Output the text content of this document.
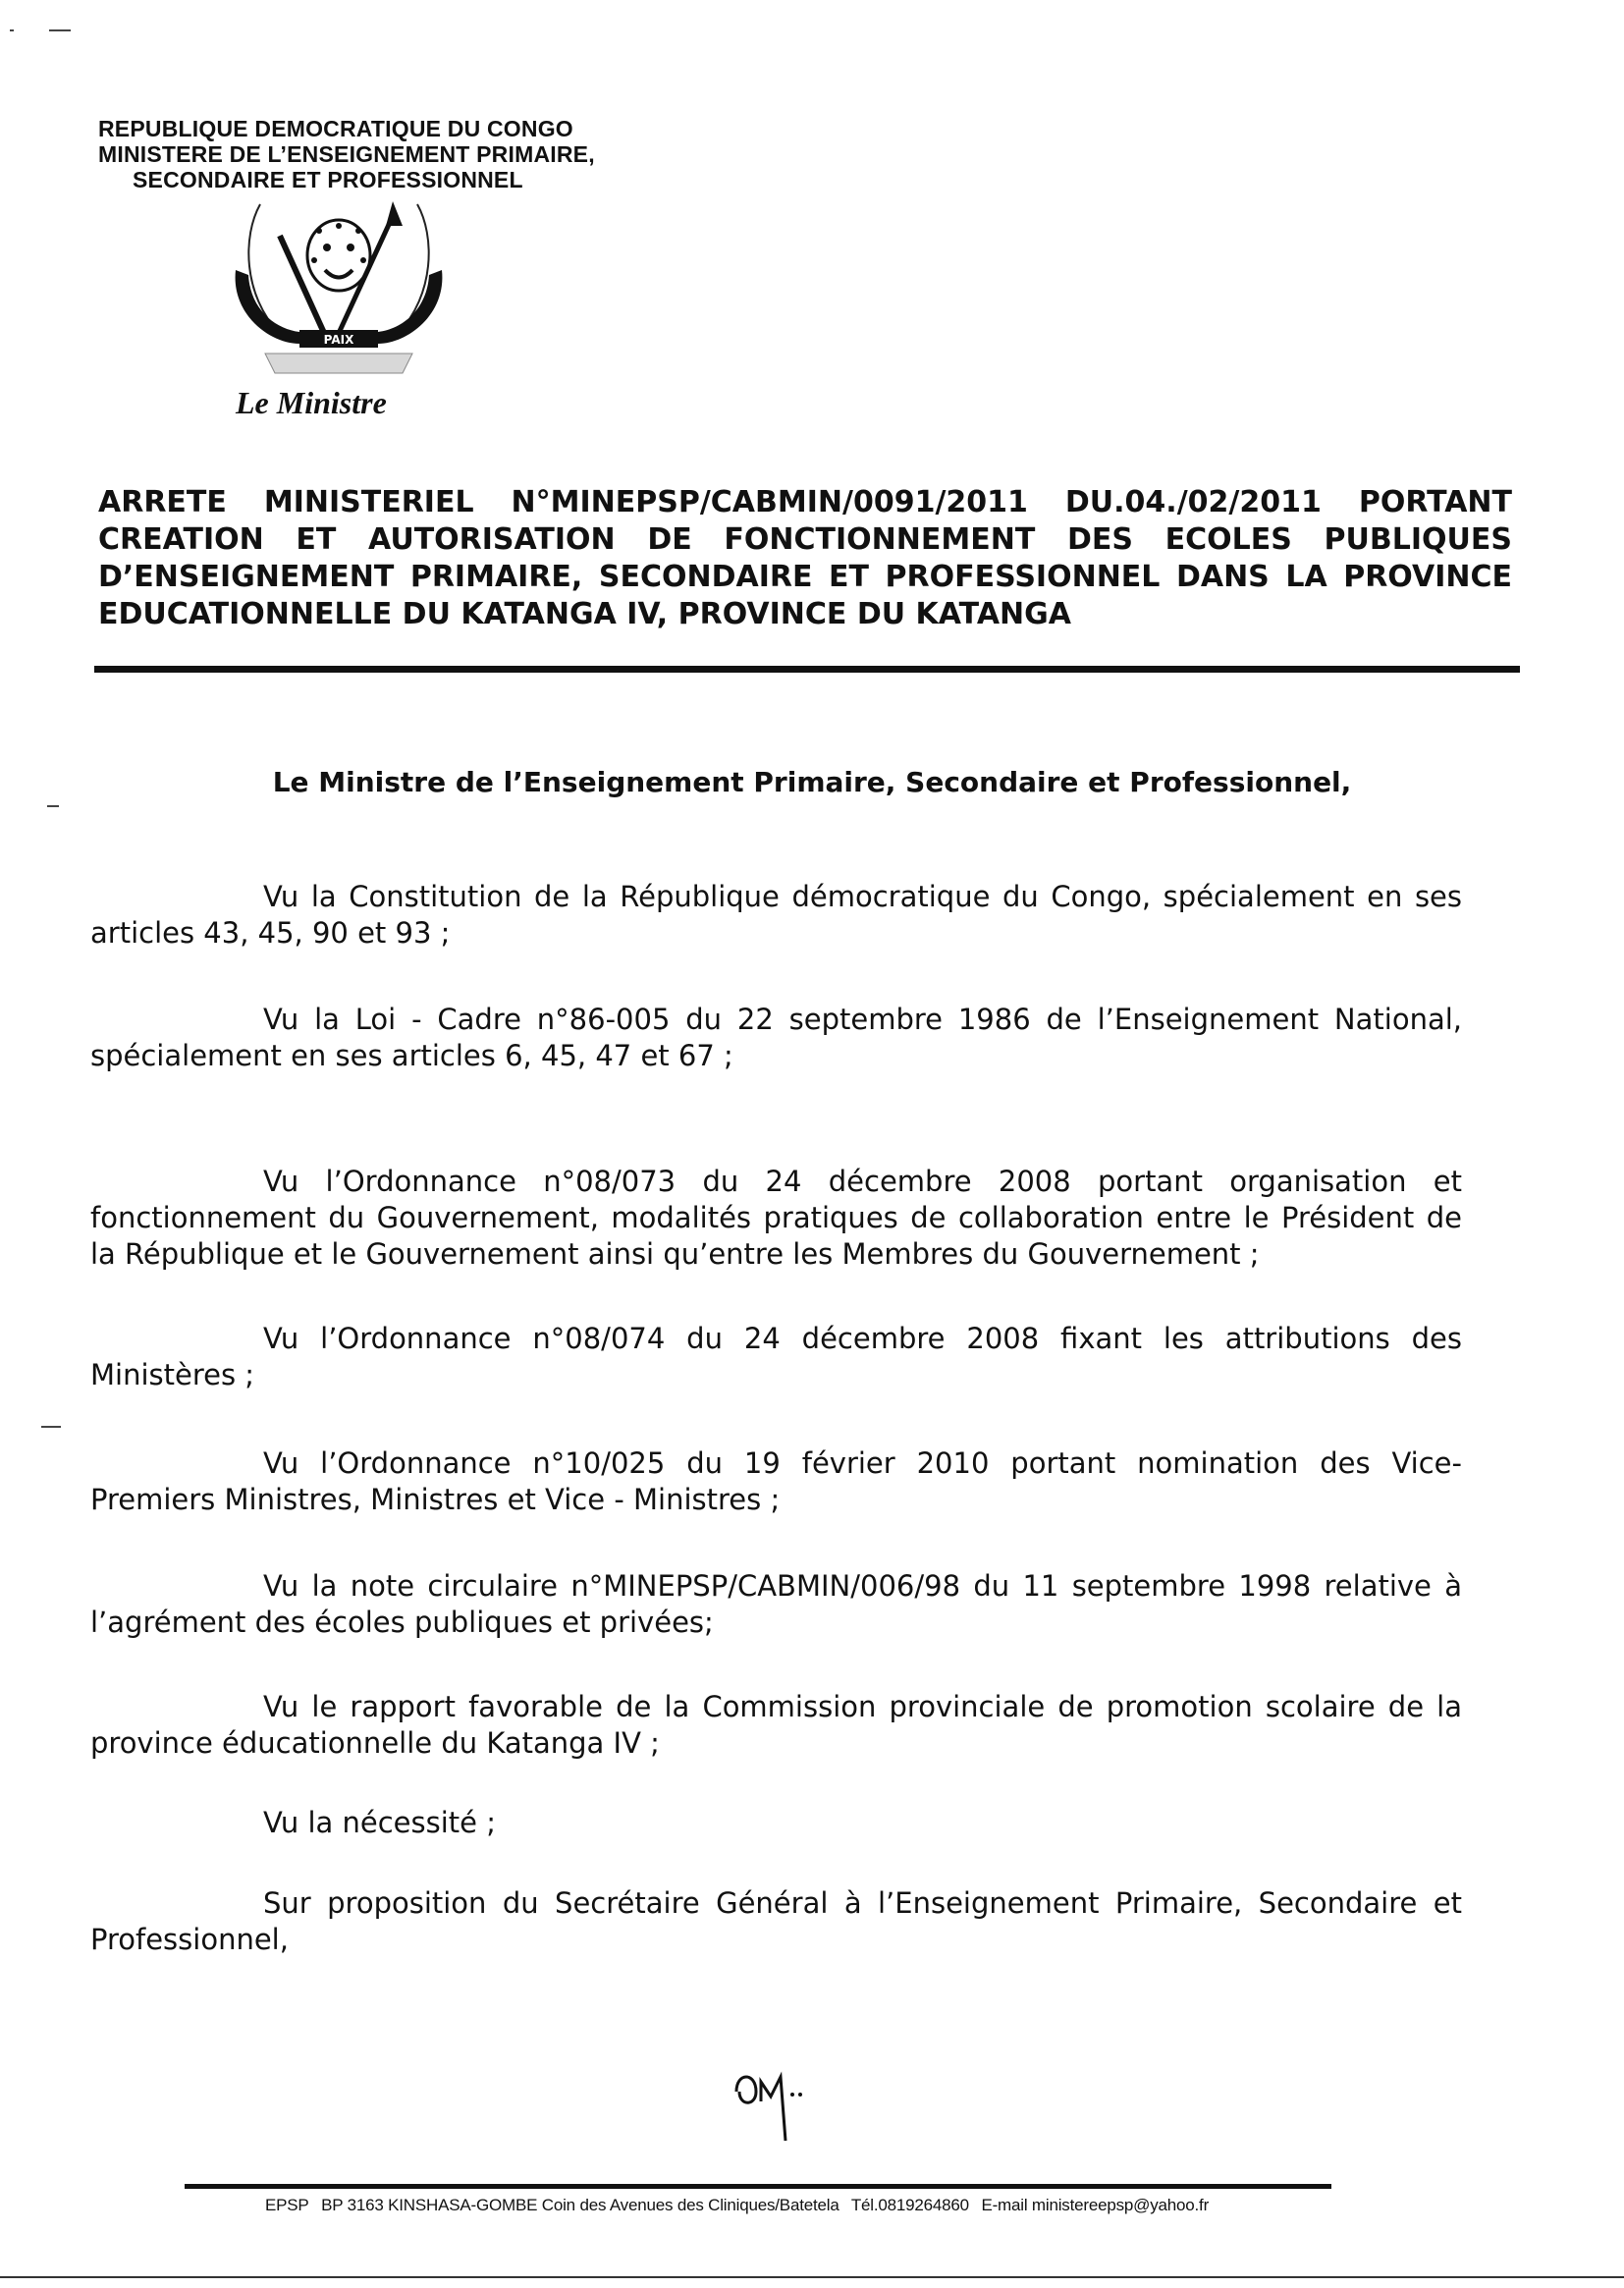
REPUBLIQUE DEMOCRATIQUE DU CONGO
MINISTERE DE L’ENSEIGNEMENT PRIMAIRE,
SECONDAIRE ET PROFESSIONNEL
PAIX
Le Ministre
ARRETE MINISTERIEL N°MINEPSP/CABMIN/0091/2011 DU.04./02/2011 PORTANT CREATION ET AUTORISATION DE FONCTIONNEMENT DES ECOLES PUBLIQUES D’ENSEIGNEMENT PRIMAIRE, SECONDAIRE ET PROFESSIONNEL DANS LA PROVINCE EDUCATIONNELLE DU KATANGA IV, PROVINCE DU KATANGA
Le Ministre de l’Enseignement Primaire, Secondaire et Professionnel,

Vu la Constitution de la République démocratique du Congo, spécialement en ses articles 43, 45, 90 et 93 ;

Vu la Loi - Cadre n°86-005 du 22 septembre 1986 de l’Enseignement National, spécialement en ses articles 6, 45, 47 et 67 ;

Vu l’Ordonnance n°08/073 du 24 décembre 2008 portant organisation et fonctionnement du Gouvernement, modalités pratiques de collaboration entre le Président de la République et le Gouvernement ainsi qu’entre les Membres du Gouvernement ;

Vu l’Ordonnance n°08/074 du 24 décembre 2008 fixant les attributions des Ministères ;

Vu l’Ordonnance n°10/025 du 19 février 2010 portant nomination des Vice-Premiers Ministres, Ministres et Vice - Ministres ;

Vu la note circulaire n°MINEPSP/CABMIN/006/98 du 11 septembre 1998 relative à l’agrément des écoles publiques et privées;

Vu le rapport favorable de la Commission provinciale de promotion scolaire de la province éducationnelle du Katanga IV ;

Vu la nécessité ;

Sur proposition du Secrétaire Général à l’Enseignement Primaire, Secondaire et Professionnel,

EPSP BP 3163 KINSHASA-GOMBE Coin des Avenues des Cliniques/Batetela Tél.0819264860 E-mail ministereepsp@yahoo.fr
